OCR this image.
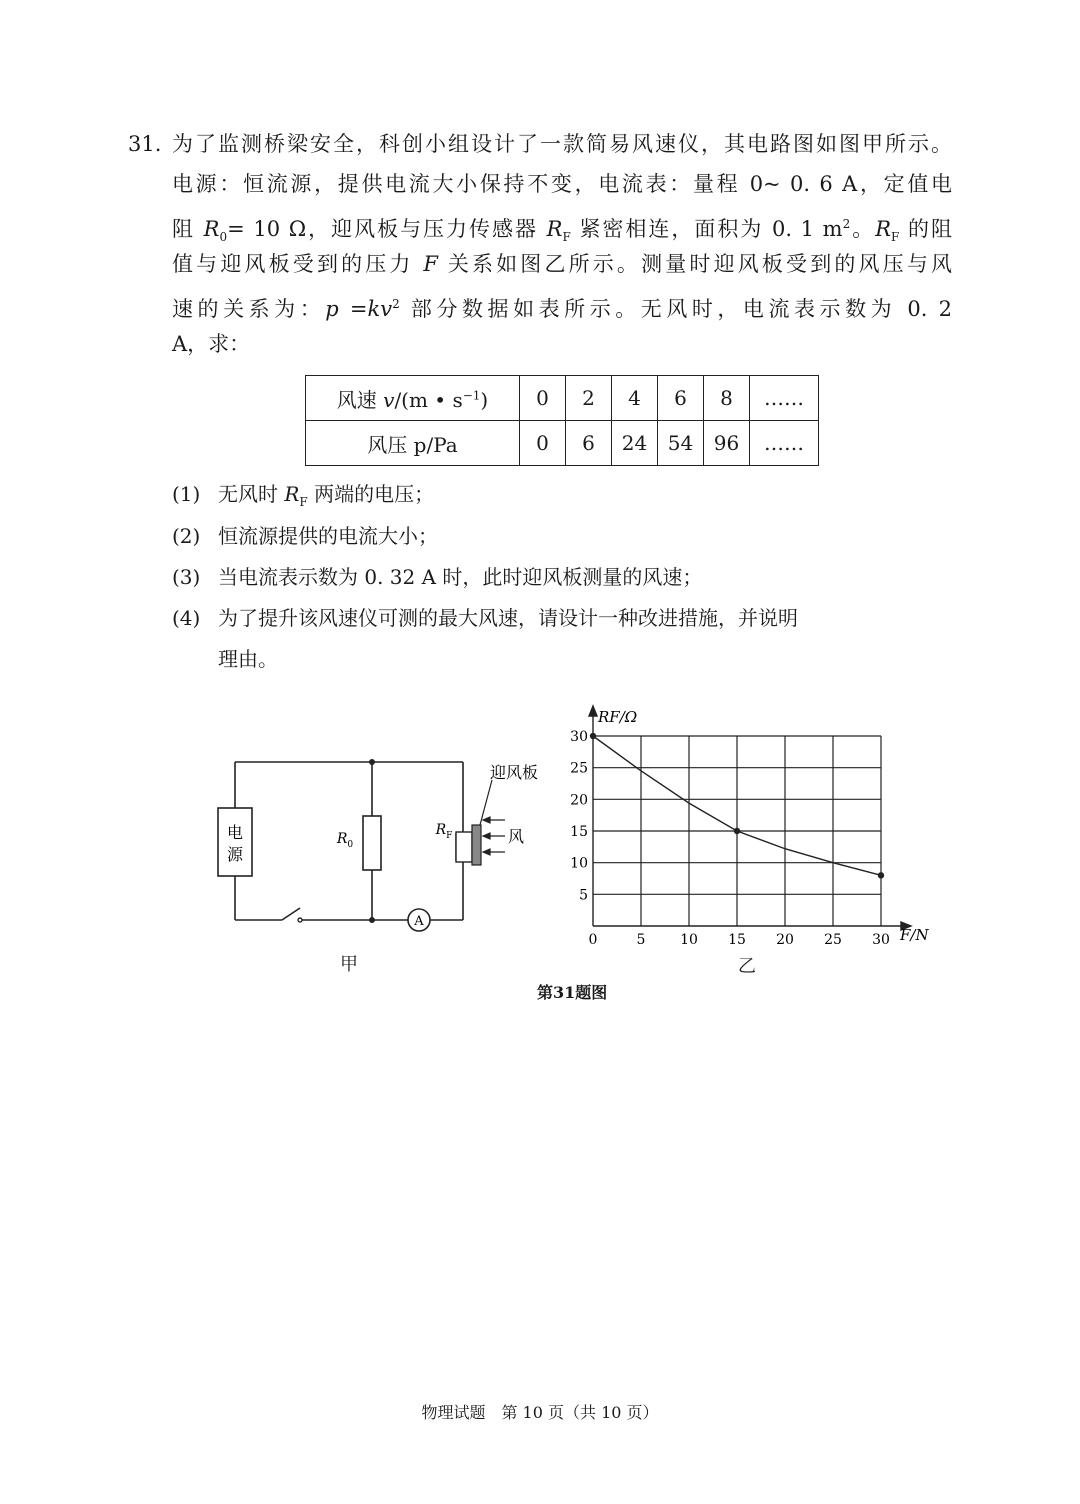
31. 为了监测桥梁安全，科创小组设计了一款简易风速仪，其电路图如图甲所示。
电源：恒流源，提供电流大小保持不变，电流表：量程 0~ 0. 6 A，定值电
阻 $R_0= 10$ Ω，迎风板与压力传感器 $R_F$ 紧密相连，面积为 0. 1 $m^2$。$R_F$ 的阻
值与迎风板受到的压力 F 关系如图乙所示。测量时迎风板受到的风压与风
速的关系为：$p =kv^2$ 部分数据如表所示。无风时，电流表示数为 0. 2
A，求：
风速 v/(m • $s^{-1}$)	0	2	4	6	8	……
风压 p/Pa	0	6	24	54	96	……
(1) 无风时 $R_F$ 两端的电压；
(2) 恒流源提供的电流大小；
(3) 当电流表示数为 0. 32 A 时，此时迎风板测量的风速；
(4) 为了提升该风速仪可测的最大风速，请设计一种改进措施，并说明
理由。
电
源
$R_0$
$R_F$
迎风板
风
A
甲
0	5 10 15 20 25 30
5
10
15
20
25
30
RF/Ω
F/N
乙
第31题图
物理试题　第 10 页（共 10 页）
